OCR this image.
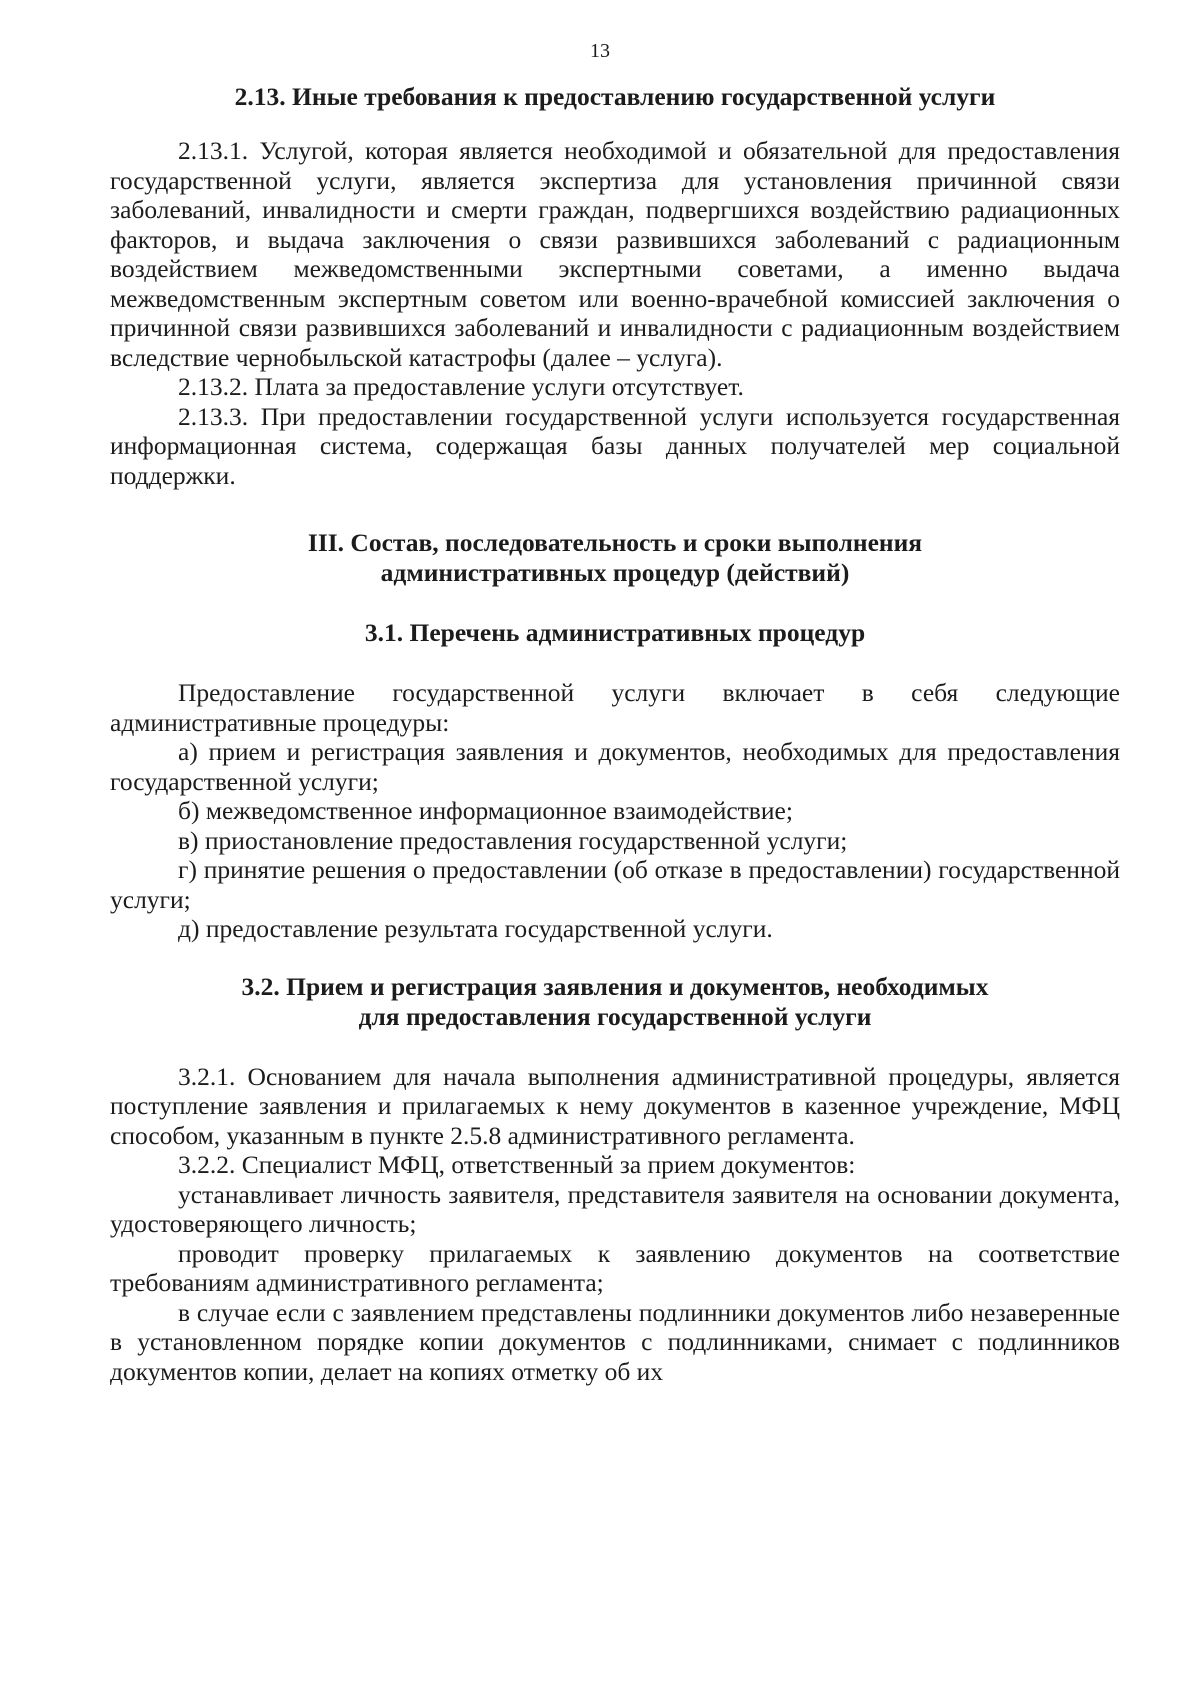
13
2.13. Иные требования к предоставлению государственной услуги

2.13.1. Услугой, которая является необходимой и обязательной для предоставления государственной услуги, является экспертиза для установления причинной связи заболеваний, инвалидности и смерти граждан, подвергшихся воздействию радиационных факторов, и выдача заключения о связи развившихся заболеваний с радиационным воздействием межведомственными экспертными советами, а именно выдача межведомственным экспертным советом или военно-врачебной комиссией заключения о причинной связи развившихся заболеваний и инвалидности с радиационным воздействием вследствие чернобыльской катастрофы (далее – услуга).

2.13.2. Плата за предоставление услуги отсутствует.

2.13.3. При предоставлении государственной услуги используется государственная информационная система, содержащая базы данных получателей мер социальной поддержки.

III. Состав, последовательность и сроки выполнения
административных процедур (действий)
3.1. Перечень административных процедур

Предоставление государственной услуги включает в себя следующие административные процедуры:

а) прием и регистрация заявления и документов, необходимых для предоставления государственной услуги;

б) межведомственное информационное взаимодействие;

в) приостановление предоставления государственной услуги;

г) принятие решения о предоставлении (об отказе в предоставлении) государственной услуги;

д) предоставление результата государственной услуги.

3.2. Прием и регистрация заявления и документов, необходимых
для предоставления государственной услуги

3.2.1. Основанием для начала выполнения административной процедуры, является поступление заявления и прилагаемых к нему документов в казенное учреждение, МФЦ способом, указанным в пункте 2.5.8 административного регламента.

3.2.2. Специалист МФЦ, ответственный за прием документов:

устанавливает личность заявителя, представителя заявителя на основании документа, удостоверяющего личность;

проводит проверку прилагаемых к заявлению документов на соответствие требованиям административного регламента;

в случае если с заявлением представлены подлинники документов либо незаверенные в установленном порядке копии документов с подлинниками, снимает с подлинников документов копии, делает на копиях отметку об их
